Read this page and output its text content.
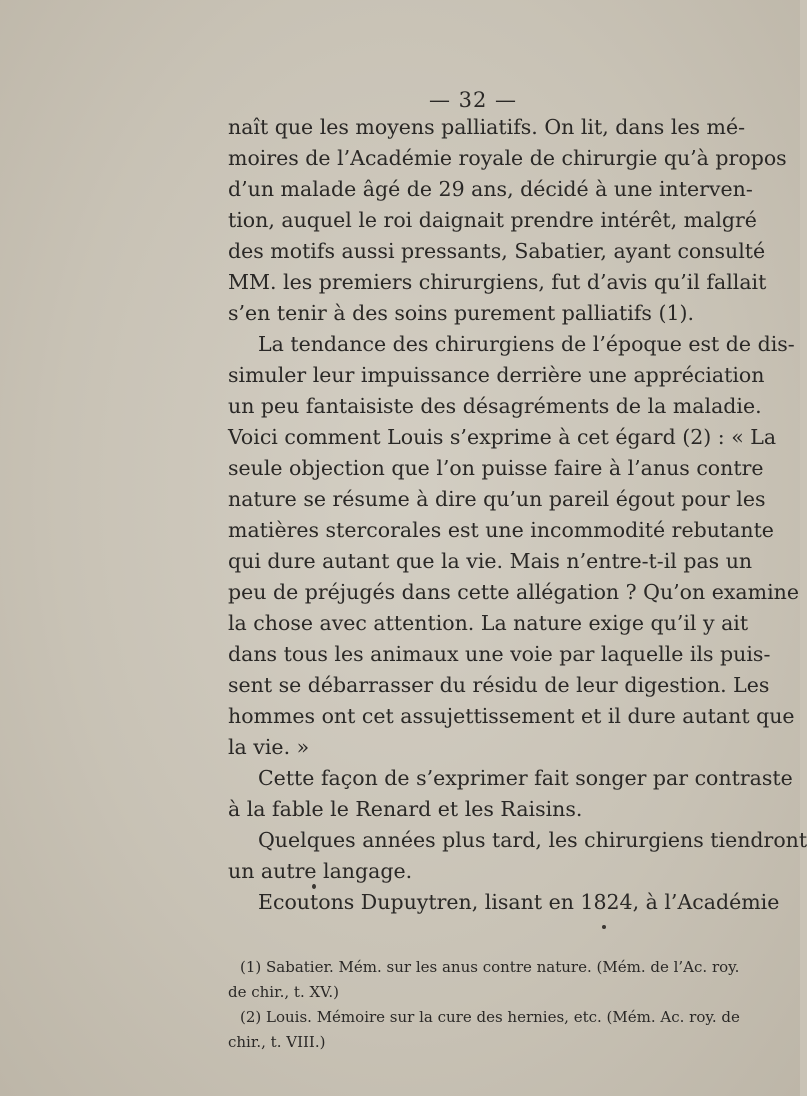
— 32 —
naît que les moyens palliatifs. On lit, dans les mé-
moires de l’Académie royale de chirurgie qu’à propos
d’un malade âgé de 29 ans, décidé à une interven-
tion, auquel le roi daignait prendre intérêt, malgré
des motifs aussi pressants, Sabatier, ayant consulté
MM. les premiers chirurgiens, fut d’avis qu’il fallait
s’en tenir à des soins purement palliatifs (1).
La tendance des chirurgiens de l’époque est de dis-
simuler leur impuissance derrière une appréciation
un peu fantaisiste des désagréments de la maladie.
Voici comment Louis s’exprime à cet égard (2) : « La
seule objection que l’on puisse faire à l’anus contre
nature se résume à dire qu’un pareil égout pour les
matières stercorales est une incommodité rebutante
qui dure autant que la vie. Mais n’entre-t-il pas un
peu de préjugés dans cette allégation ? Qu’on examine
la chose avec attention. La nature exige qu’il y ait
dans tous les animaux une voie par laquelle ils puis-
sent se débarrasser du résidu de leur digestion. Les
hommes ont cet assujettissement et il dure autant que
la vie. »
Cette façon de s’exprimer fait songer par contraste
à la fable le Renard et les Raisins.
Quelques années plus tard, les chirurgiens tiendront
un autre langage.
Ecoutons Dupuytren, lisant en 1824, à l’Académie
(1) Sabatier. Mém. sur les anus contre nature. (Mém. de l’Ac. roy.
de chir., t. XV.)
(2) Louis. Mémoire sur la cure des hernies, etc. (Mém. Ac. roy. de
chir., t. VIII.)
